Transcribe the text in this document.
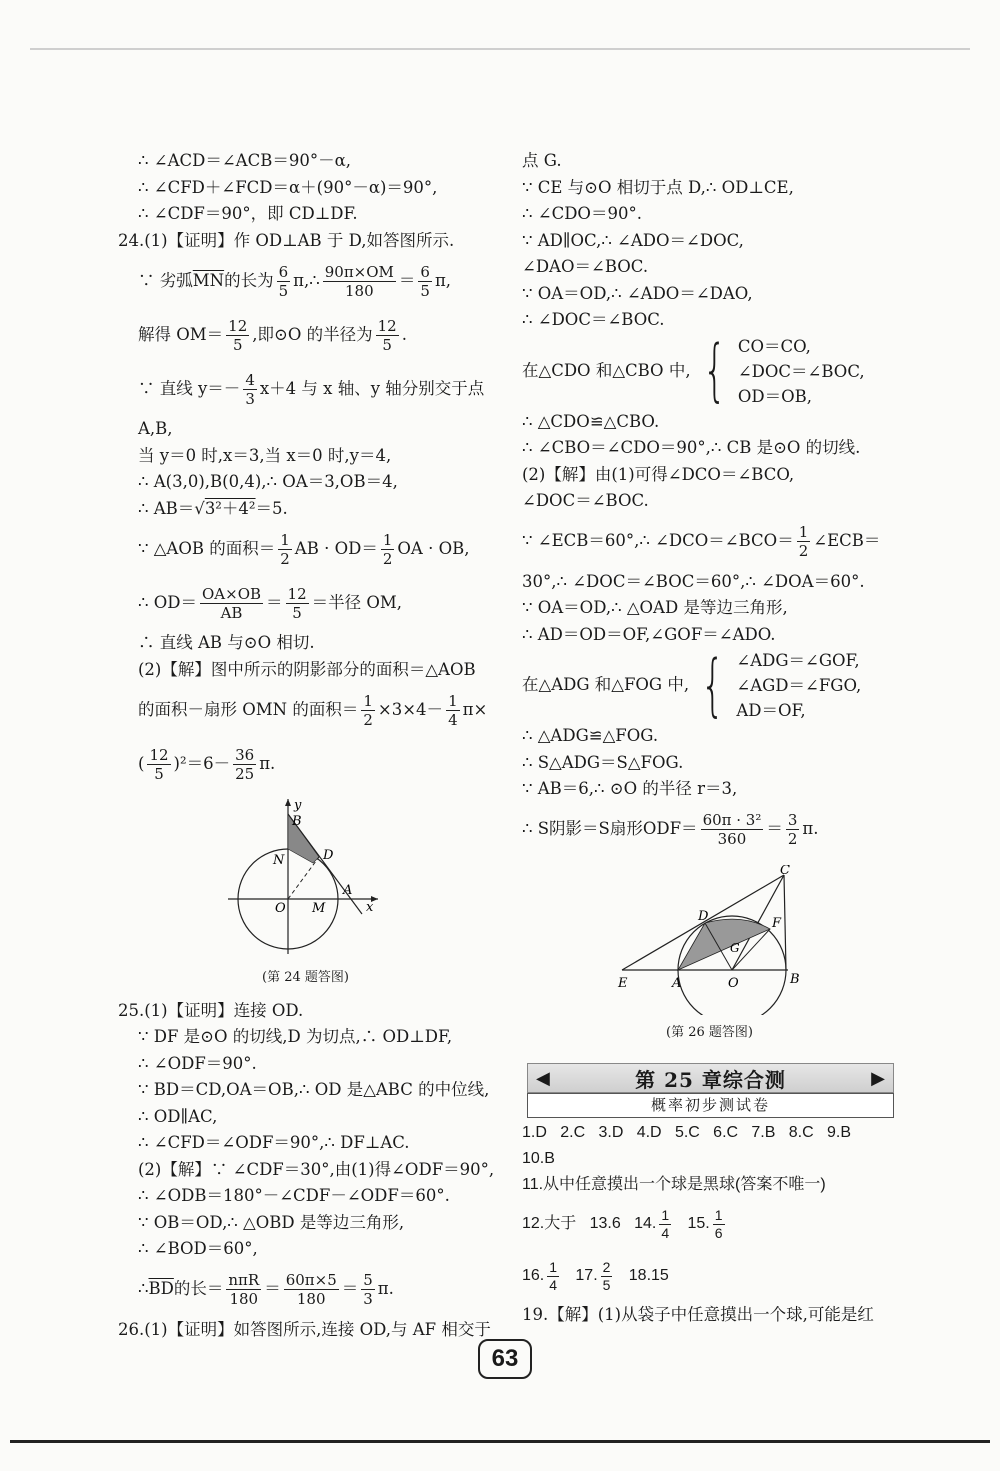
∴ ∠ACD＝∠ACB＝90°－α,
∴ ∠CFD＋∠FCD＝α＋(90°－α)＝90°,
∴ ∠CDF＝90°，即 CD⊥DF.
24.(1)【证明】作 OD⊥AB 于 D,如答图所示.
∵ 劣弧 $\overline{MN}$ 的长为 $\frac{6}{5}$ π,∴ $\frac{90\pi\times OM}{180} = \frac{6}{5} \pi$,
解得 $OM= \frac{12}{5}$ ,即⊙O 的半径为 $\frac{12}{5}$ .
∵ 直线 $y=- \frac{4}{3} x+4$ 与 x 轴、y 轴分别交于点
A,B,
当 y＝0 时,x＝3,当 x＝0 时,y＝4,
∴ A(3,0),B(0,4),∴ OA＝3,OB＝4,
∴ AB＝√3²＋4²＝5.
∵ △AOB 的面积＝ $\frac{1}{2}$ AB · $OD= \frac{1}{2}$ OA · OB,
∴ $OD= \frac{OA\times OB}{AB} = \frac{12}{5}$ ＝半径 OM,
∴ 直线 AB 与⊙O 相切.
(2)【解】图中所示的阴影部分的面积＝△AOB
的面积－扇形 OMN 的面积＝ $\frac{1}{2} \times 3\times 4- \frac{1}{4} \pi\times$
( $\frac{12}{5} )^2=6- \frac{36}{25} \pi$.
y
B
D
N
A
O M	x
(第 24 题答图)
25.(1)【证明】连接 OD.
∵ DF 是⊙O 的切线,D 为切点,∴ OD⊥DF,
∴ ∠ODF＝90°.
∵ BD＝CD,OA＝OB,∴ OD 是△ABC 的中位线,
∴ OD∥AC,
∴ ∠CFD＝∠ODF＝90°,∴ DF⊥AC.
(2)【解】∵ ∠CDF＝30°,由(1)得∠ODF＝90°,
∴ ∠ODB＝180°－∠CDF－∠ODF＝60°.
∵ OB＝OD,∴ △OBD 是等边三角形,
∴ ∠BOD＝60°,
∴ $\overline{BD}$ 的长＝ $\frac{\text{nπR}}{180} = \frac{60\pi\times 5}{180} = \frac{5}{3} \pi$.
26.(1)【证明】如答图所示,连接 OD,与 AF 相交于
点 G.
∵ CE 与⊙O 相切于点 D,∴ OD⊥CE,
∴ ∠CDO＝90°.
∵ AD∥OC,∴ ∠ADO＝∠DOC,
∠DAO＝∠BOC.
∵ OA＝OD,∴ ∠ADO＝∠DAO,
∴ ∠DOC＝∠BOC.
在△CDO 和△CBO 中, { CO＝CO,
∠DOC＝∠BOC,
OD＝OB,
∴ △CDO≌△CBO.
∴ ∠CBO＝∠CDO＝90°,∴ CB 是⊙O 的切线.
(2)【解】由(1)可得∠DCO＝∠BCO,
∠DOC＝∠BOC.
∵ ∠ECB＝60°,∴ ∠DCO＝∠BCO＝ $\frac{1}{2}$ ∠ECB＝
30°,∴ ∠DOC＝∠BOC＝60°,∴ ∠DOA＝60°.
∵ OA＝OD,∴ △OAD 是等边三角形,
∴ AD＝OD＝OF,∠GOF＝∠ADO.
在△ADG 和△FOG 中, { ∠ADG＝∠GOF,
∠AGD＝∠FGO,
AD＝OF,
∴ △ADG≌△FOG.
∴ S△ADG＝S△FOG.
∵ AB＝6,∴ ⊙O 的半径 r＝3,
∴ S阴影＝S扇形$ODF= \frac{\text{60π · 3²}}{360} = \frac{3}{2} \pi$.
C
D	F
G
E	A	O	B
(第 26 题答图)
◀	第 25 章综合测	▶
概率初步测试卷
1.D   2.C   3.D   4.D   5.C   6.C   7.B   8.C   9.B
10.B
11.从中任意摸出一个球是黑球(答案不唯一)
12.大于
13.6
14. $\frac{1}{4}$
15. $\frac{1}{6}$
16. $\frac{1}{4}$
17. $\frac{2}{5}$
18.15
19.【解】(1)从袋子中任意摸出一个球,可能是红
63
